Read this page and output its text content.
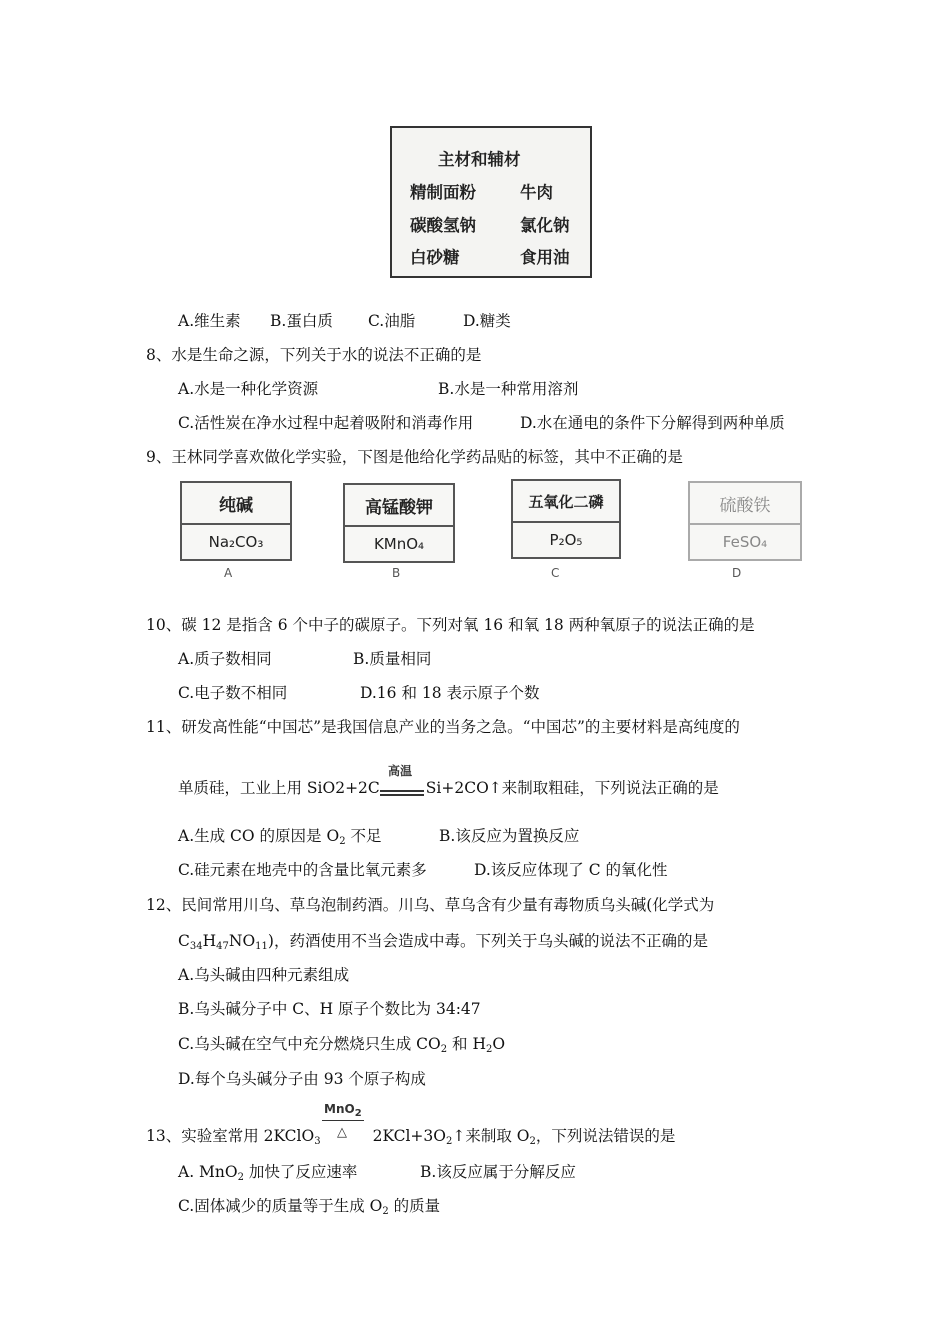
主材和辅材
精制面粉	牛肉
碳酸氢钠	氯化钠
白砂糖	食用油
A.维生素 B.蛋白质 C.油脂	D.糖类
8、水是生命之源，下列关于水的说法不正确的是
A.水是一种化学资源	B.水是一种常用溶剂
C.活性炭在净水过程中起着吸附和消毒作用	D.水在通电的条件下分解得到两种单质
9、王林同学喜欢做化学实验，下图是他给化学药品贴的标签，其中不正确的是
纯碱
Na₂CO₃
A
高锰酸钾
KMnO₄
B
五氧化二磷
P₂O₅
C
硫酸铁
FeSO₄
D
10、碳 12 是指含 6 个中子的碳原子。下列对氧 16 和氧 18 两种氧原子的说法正确的是
A.质子数相同	B.质量相同
C.电子数不相同	D.16 和 18 表示原子个数
11、研发高性能“中国芯”是我国信息产业的当务之急。“中国芯”的主要材料是高纯度的
单质硅，工业上用 SiO2+2C	Si+2CO↑来制取粗硅，下列说法正确的是
高温
A.生成 CO 的原因是 $O_2$ 不足	B.该反应为置换反应
C.硅元素在地壳中的含量比氧元素多	D.该反应体现了 C 的氧化性
12、民间常用川乌、草乌泡制药酒。川乌、草乌含有少量有毒物质乌头碱(化学式为
$C_{34}H_{47}NO_{11}$)，药酒使用不当会造成中毒。下列关于乌头碱的说法不正确的是
A.乌头碱由四种元素组成
B.乌头碱分子中 C、H 原子个数比为 34:47
C.乌头碱在空气中充分燃烧只生成 $CO_2$ 和 $H_2O$
D.每个乌头碱分子由 93 个原子构成
MnO$_2$
△
13、实验室常用 2KClO$_3$	$2KCl+3O_2↑$来制取 $O_2$，下列说法错误的是
A. MnO$_2$ 加快了反应速率	B.该反应属于分解反应
C.固体减少的质量等于生成 $O_2$ 的质量
